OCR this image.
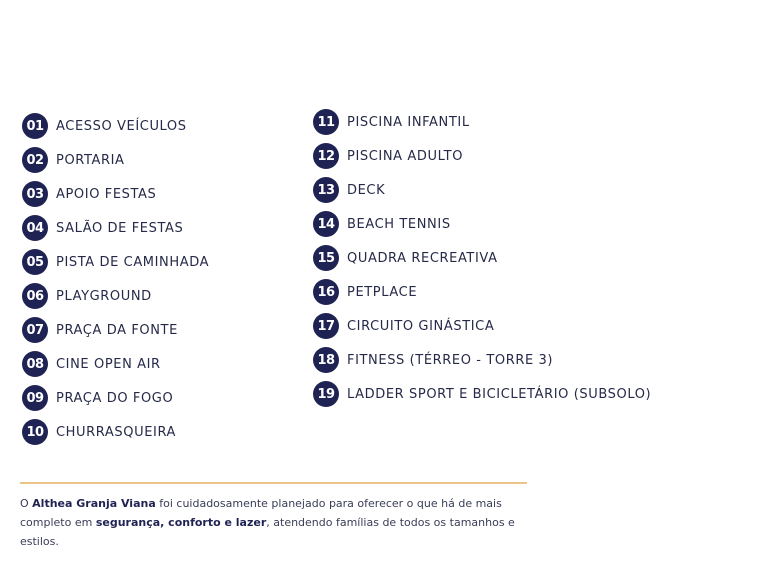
01 ACESSO VEÍCULOS
02 PORTARIA
03 APOIO FESTAS
04 SALÃO DE FESTAS
05 PISTA DE CAMINHADA
06 PLAYGROUND
07 PRAÇA DA FONTE
08 CINE OPEN AIR
09 PRAÇA DO FOGO
10 CHURRASQUEIRA
11 PISCINA INFANTIL
12 PISCINA ADULTO
13 DECK
14 BEACH TENNIS
15 QUADRA RECREATIVA
16 PETPLACE
17 CIRCUITO GINÁSTICA
18 FITNESS (TÉRREO - TORRE 3)
19 LADDER SPORT E BICICLETÁRIO (SUBSOLO)

O Althea Granja Viana foi cuidadosamente planejado para oferecer o que há de mais completo em segurança, conforto e lazer, atendendo famílias de todos os tamanhos e estilos.
